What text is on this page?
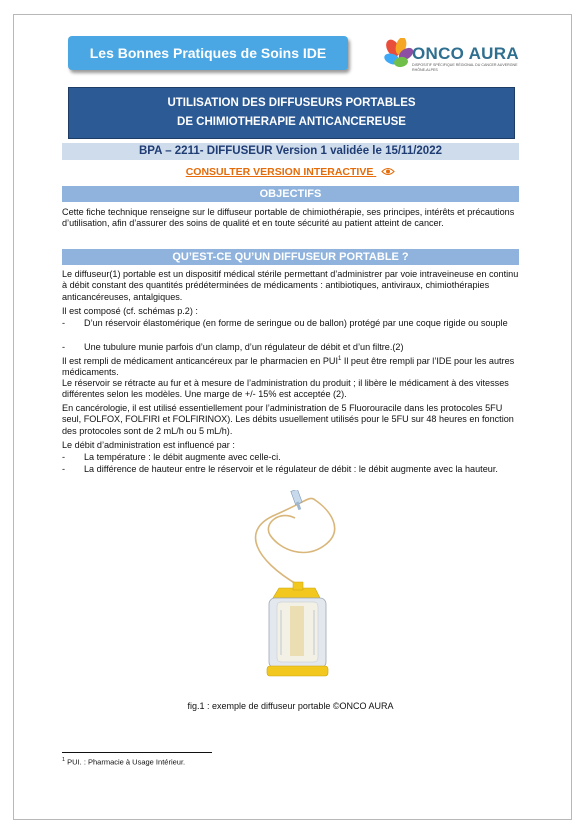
Les Bonnes Pratiques de Soins IDE	ONCO AURA
DISPOSITIF SPÉCIFIQUE RÉGIONAL DU CANCER AUVERGNE RHÔNE-ALPES
UTILISATION DES DIFFUSEURS PORTABLES
DE CHIMIOTHERAPIE ANTICANCEREUSE
BPA – 2211- DIFFUSEUR Version 1 validée le 15/11/2022
CONSULTER VERSION INTERACTIVE
OBJECTIFS

Cette fiche technique renseigne sur le diffuseur portable de chimiothérapie, ses principes, intérêts et précautions d’utilisation, afin d’assurer des soins de qualité et en toute sécurité au patient atteint de cancer.

QU’EST-CE QU’UN DIFFUSEUR PORTABLE ?

Le diffuseur(1) portable est un dispositif médical stérile permettant d’administrer par voie intraveineuse en continu à débit constant des quantités prédéterminées de médicaments : antibiotiques, antiviraux, chimiothérapies anticancéreuses, antalgiques.

Il est composé (cf. schémas p.2) :

-	D’un réservoir élastomérique (en forme de seringue ou de ballon) protégé par une coque rigide ou souple
-	Une tubulure munie parfois d’un clamp, d’un régulateur de débit et d’un filtre.(2)

Il est rempli de médicament anticancéreux par le pharmacien en PUI$^1$ Il peut être rempli par l’IDE pour les autres médicaments.

Le réservoir se rétracte au fur et à mesure de l’administration du produit ; il libère le médicament à des vitesses différentes selon les modèles. Une marge de +/- 15% est acceptée (2).

En cancérologie, il est utilisé essentiellement pour l’administration de 5 Fluorouracile dans les protocoles 5FU seul, FOLFOX, FOLFIRI et FOLFIRINOX). Les débits usuellement utilisés pour le 5FU sur 48 heures en fonction des protocoles sont de 2 mL/h ou 5 mL/h).

Le débit d’administration est influencé par :

-	La température : le débit augmente avec celle-ci.
-	La différence de hauteur entre le réservoir et le régulateur de débit : le débit augmente avec la hauteur.
fig.1 : exemple de diffuseur portable ©ONCO AURA
$^1$ PUI. : Pharmacie à Usage Intérieur.
